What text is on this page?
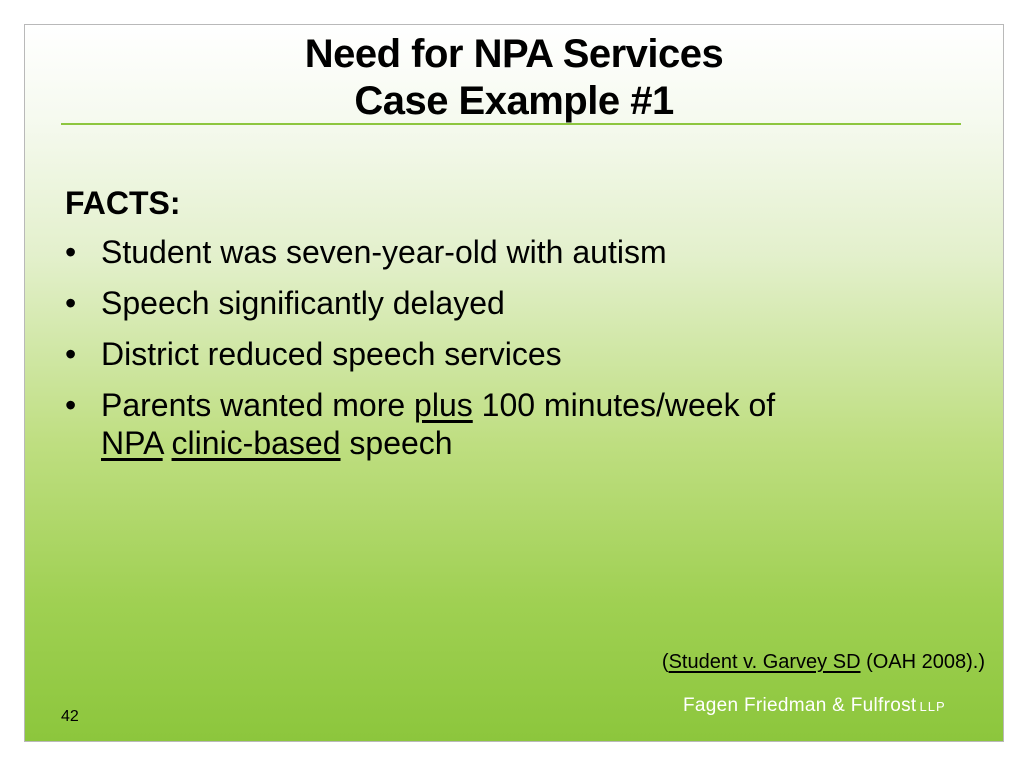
Need for NPA Services
Case Example #1
FACTS:
• Student was seven-year-old with autism
• Speech significantly delayed
• District reduced speech services
• Parents wanted more plus 100 minutes/week of
NPA clinic-based speech
(Student v. Garvey SD (OAH 2008).)
42
Fagen Friedman & Fulfrost LLP
